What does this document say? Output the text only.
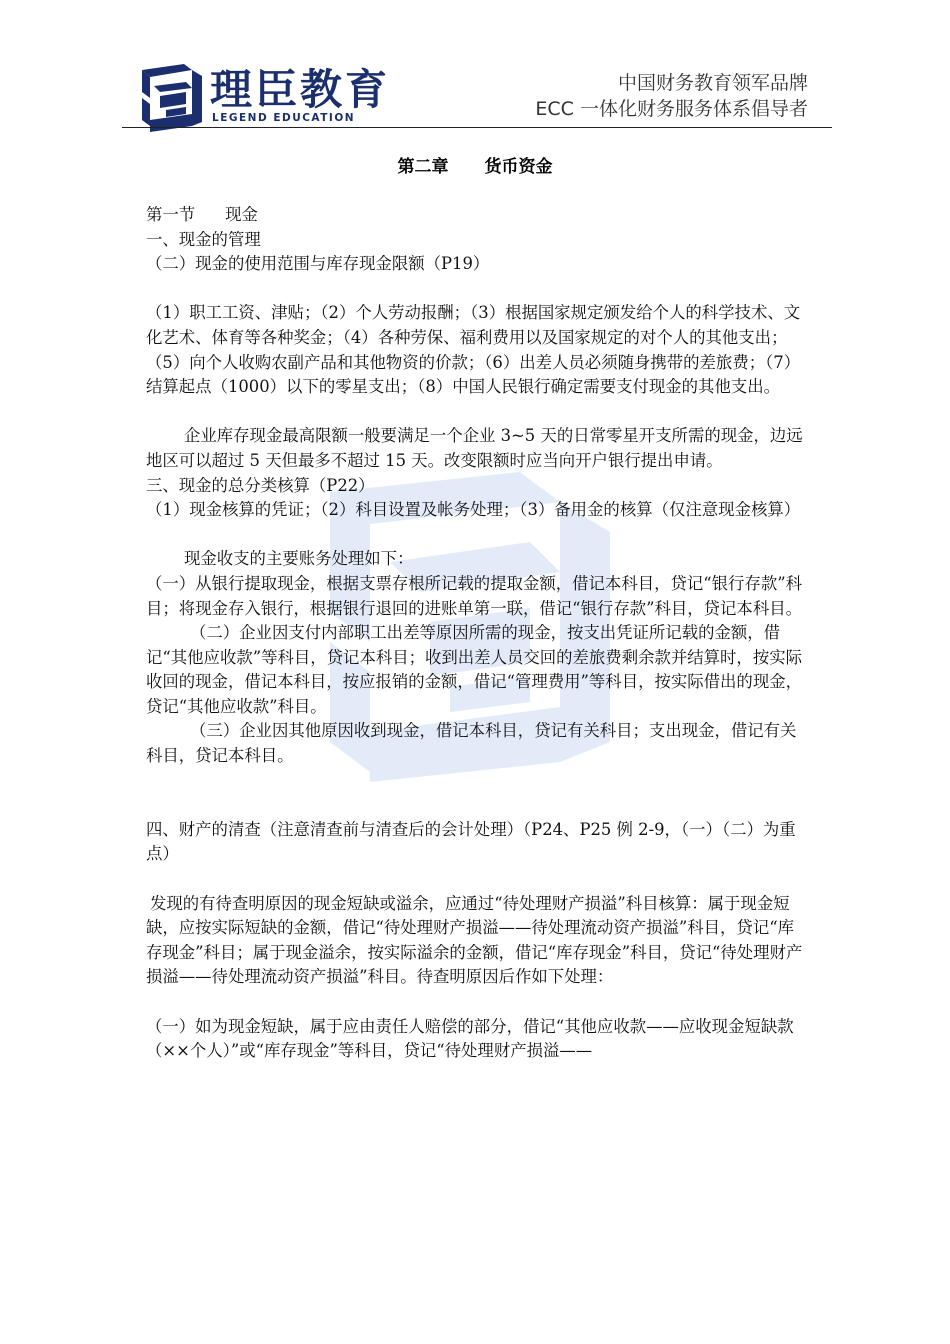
理臣教育
LEGEND EDUCATION
中国财务教育领军品牌
ECC 一体化财务服务体系倡导者
第二章 货币资金

第一节 现金

一、现金的管理

（二）现金的使用范围与库存现金限额（P19）

（1）职工工资、津贴；（2）个人劳动报酬；（3）根据国家规定颁发给个人的科学技术、文化艺术、体育等各种奖金；（4）各种劳保、福利费用以及国家规定的对个人的其他支出；（5）向个人收购农副产品和其他物资的价款；（6）出差人员必须随身携带的差旅费；（7）结算起点（1000）以下的零星支出；（8）中国人民银行确定需要支付现金的其他支出。

企业库存现金最高限额一般要满足一个企业 3~5 天的日常零星开支所需的现金，边远地区可以超过 5 天但最多不超过 15 天。改变限额时应当向开户银行提出申请。

三、现金的总分类核算（P22）

（1）现金核算的凭证；（2）科目设置及帐务处理；（3）备用金的核算（仅注意现金核算）

现金收支的主要账务处理如下：

（一）从银行提取现金，根据支票存根所记载的提取金额，借记本科目，贷记“银行存款”科目；将现金存入银行，根据银行退回的进账单第一联，借记“银行存款”科目，贷记本科目。

（二）企业因支付内部职工出差等原因所需的现金，按支出凭证所记载的金额，借记“其他应收款”等科目，贷记本科目；收到出差人员交回的差旅费剩余款并结算时，按实际收回的现金，借记本科目，按应报销的金额，借记“管理费用”等科目，按实际借出的现金，贷记“其他应收款”科目。

（三）企业因其他原因收到现金，借记本科目，贷记有关科目；支出现金，借记有关科目，贷记本科目。

四、财产的清查（注意清查前与清查后的会计处理）（P24、P25 例 2-9，（一）（二）为重点）

发现的有待查明原因的现金短缺或溢余，应通过“待处理财产损溢”科目核算：属于现金短缺，应按实际短缺的金额，借记“待处理财产损溢——待处理流动资产损溢”科目，贷记“库存现金”科目；属于现金溢余，按实际溢余的金额，借记“库存现金”科目，贷记“待处理财产损溢——待处理流动资产损溢”科目。待查明原因后作如下处理：

（一）如为现金短缺，属于应由责任人赔偿的部分，借记“其他应收款——应收现金短缺款（××个人）”或“库存现金”等科目，贷记“待处理财产损溢——
